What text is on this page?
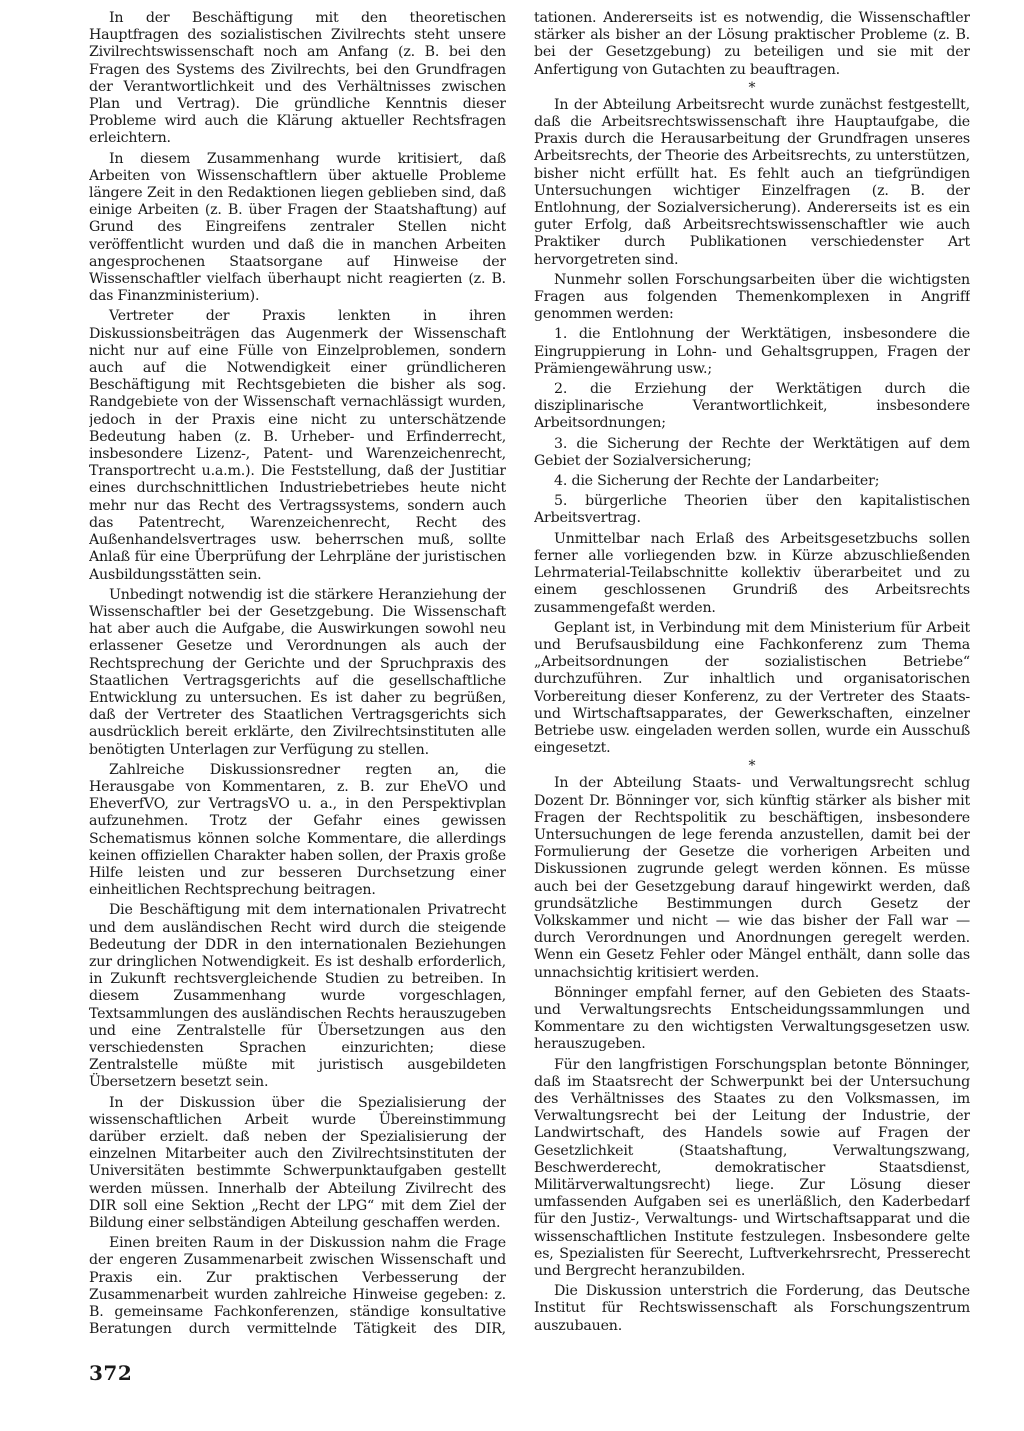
In der Beschäftigung mit den theoretischen Hauptfragen des sozialistischen Zivilrechts steht unsere Zivilrechtswissenschaft noch am Anfang (z. B. bei den Fragen des Systems des Zivilrechts, bei den Grundfragen der Verantwortlichkeit und des Verhältnisses zwischen Plan und Vertrag). Die gründliche Kenntnis dieser Probleme wird auch die Klärung aktueller Rechtsfragen erleichtern.

In diesem Zusammenhang wurde kritisiert, daß Arbeiten von Wissenschaftlern über aktuelle Probleme längere Zeit in den Redaktionen liegen geblieben sind, daß einige Arbeiten (z. B. über Fragen der Staatshaftung) auf Grund des Eingreifens zentraler Stellen nicht veröffentlicht wurden und daß die in manchen Arbeiten angesprochenen Staatsorgane auf Hinweise der Wissenschaftler vielfach überhaupt nicht reagierten (z. B. das Finanzministerium).

Vertreter der Praxis lenkten in ihren Diskussionsbeiträgen das Augenmerk der Wissenschaft nicht nur auf eine Fülle von Einzelproblemen, sondern auch auf die Notwendigkeit einer gründlicheren Beschäftigung mit Rechtsgebieten die bisher als sog. Randgebiete von der Wissenschaft vernachlässigt wurden, jedoch in der Praxis eine nicht zu unterschätzende Bedeutung haben (z. B. Urheber- und Erfinderrecht, insbesondere Lizenz-, Patent- und Warenzeichenrecht, Transportrecht u.a.m.). Die Feststellung, daß der Justitiar eines durchschnittlichen Industriebetriebes heute nicht mehr nur das Recht des Vertragssystems, sondern auch das Patentrecht, Warenzeichenrecht, Recht des Außenhandelsvertrages usw. beherrschen muß, sollte Anlaß für eine Überprüfung der Lehrpläne der juristischen Ausbildungsstätten sein.

Unbedingt notwendig ist die stärkere Heranziehung der Wissenschaftler bei der Gesetzgebung. Die Wissenschaft hat aber auch die Aufgabe, die Auswirkungen sowohl neu erlassener Gesetze und Verordnungen als auch der Rechtsprechung der Gerichte und der Spruchpraxis des Staatlichen Vertragsgerichts auf die gesellschaftliche Entwicklung zu untersuchen. Es ist daher zu begrüßen, daß der Vertreter des Staatlichen Vertragsgerichts sich ausdrücklich bereit erklärte, den Zivilrechtsinstituten alle benötigten Unterlagen zur Verfügung zu stellen.

Zahlreiche Diskussionsredner regten an, die Herausgabe von Kommentaren, z. B. zur EheVO und EheverfVO, zur VertragsVO u. a., in den Perspektivplan aufzunehmen. Trotz der Gefahr eines gewissen Schematismus können solche Kommentare, die allerdings keinen offiziellen Charakter haben sollen, der Praxis große Hilfe leisten und zur besseren Durchsetzung einer einheitlichen Rechtsprechung beitragen.

Die Beschäftigung mit dem internationalen Privatrecht und dem ausländischen Recht wird durch die steigende Bedeutung der DDR in den internationalen Beziehungen zur dringlichen Notwendigkeit. Es ist deshalb erforderlich, in Zukunft rechtsvergleichende Studien zu betreiben. In diesem Zusammenhang wurde vorgeschlagen, Textsammlungen des ausländischen Rechts herauszugeben und eine Zentralstelle für Übersetzungen aus den verschiedensten Sprachen einzurichten; diese Zentralstelle müßte mit juristisch ausgebildeten Übersetzern besetzt sein.

In der Diskussion über die Spezialisierung der wissenschaftlichen Arbeit wurde Übereinstimmung darüber erzielt. daß neben der Spezialisierung der einzelnen Mitarbeiter auch den Zivilrechtsinstituten der Universitäten bestimmte Schwerpunktaufgaben gestellt werden müssen. Innerhalb der Abteilung Zivilrecht des DIR soll eine Sektion „Recht der LPG“ mit dem Ziel der Bildung einer selbständigen Abteilung geschaffen werden.

Einen breiten Raum in der Diskussion nahm die Frage der engeren Zusammenarbeit zwischen Wissenschaft und Praxis ein. Zur praktischen Verbesserung der Zusammenarbeit wurden zahlreiche Hinweise gegeben: z. B. gemeinsame Fachkonferenzen, ständige konsultative Beratungen durch vermittelnde Tätigkeit des DIR,

tationen. Andererseits ist es notwendig, die Wissenschaftler stärker als bisher an der Lösung praktischer Probleme (z. B. bei der Gesetzgebung) zu beteiligen und sie mit der Anfertigung von Gutachten zu beauftragen.

*

In der Abteilung Arbeitsrecht wurde zunächst festgestellt, daß die Arbeitsrechtswissenschaft ihre Hauptaufgabe, die Praxis durch die Herausarbeitung der Grundfragen unseres Arbeitsrechts, der Theorie des Arbeitsrechts, zu unterstützen, bisher nicht erfüllt hat. Es fehlt auch an tiefgründigen Untersuchungen wichtiger Einzelfragen (z. B. der Entlohnung, der Sozialversicherung). Andererseits ist es ein guter Erfolg, daß Arbeitsrechtswissenschaftler wie auch Praktiker durch Publikationen verschiedenster Art hervorgetreten sind.

Nunmehr sollen Forschungsarbeiten über die wichtigsten Fragen aus folgenden Themenkomplexen in Angriff genommen werden:

1. die Entlohnung der Werktätigen, insbesondere die Eingruppierung in Lohn- und Gehaltsgruppen, Fragen der Prämiengewährung usw.;

2. die Erziehung der Werktätigen durch die disziplinarische Verantwortlichkeit, insbesondere Arbeitsordnungen;

3. die Sicherung der Rechte der Werktätigen auf dem Gebiet der Sozialversicherung;

4. die Sicherung der Rechte der Landarbeiter;

5. bürgerliche Theorien über den kapitalistischen Arbeitsvertrag.

Unmittelbar nach Erlaß des Arbeitsgesetzbuchs sollen ferner alle vorliegenden bzw. in Kürze abzuschließenden Lehrmaterial-Teilabschnitte kollektiv überarbeitet und zu einem geschlossenen Grundriß des Arbeitsrechts zusammengefaßt werden.

Geplant ist, in Verbindung mit dem Ministerium für Arbeit und Berufsausbildung eine Fachkonferenz zum Thema „Arbeitsordnungen der sozialistischen Betriebe“ durchzuführen. Zur inhaltlich und organisatorischen Vorbereitung dieser Konferenz, zu der Vertreter des Staats- und Wirtschaftsapparates, der Gewerkschaften, einzelner Betriebe usw. eingeladen werden sollen, wurde ein Ausschuß eingesetzt.

*

In der Abteilung Staats- und Verwaltungsrecht schlug Dozent Dr. Bönninger vor, sich künftig stärker als bisher mit Fragen der Rechtspolitik zu beschäftigen, insbesondere Untersuchungen de lege ferenda anzustellen, damit bei der Formulierung der Gesetze die vorherigen Arbeiten und Diskussionen zugrunde gelegt werden können. Es müsse auch bei der Gesetzgebung darauf hingewirkt werden, daß grundsätzliche Bestimmungen durch Gesetz der Volkskammer und nicht — wie das bisher der Fall war — durch Verordnungen und Anordnungen geregelt werden. Wenn ein Gesetz Fehler oder Mängel enthält, dann solle das unnachsichtig kritisiert werden.

Bönninger empfahl ferner, auf den Gebieten des Staats- und Verwaltungsrechts Entscheidungssammlungen und Kommentare zu den wichtigsten Verwaltungsgesetzen usw. herauszugeben.

Für den langfristigen Forschungsplan betonte Bönninger, daß im Staatsrecht der Schwerpunkt bei der Untersuchung des Verhältnisses des Staates zu den Volksmassen, im Verwaltungsrecht bei der Leitung der Industrie, der Landwirtschaft, des Handels sowie auf Fragen der Gesetzlichkeit (Staatshaftung, Verwaltungszwang, Beschwerderecht, demokratischer Staatsdienst, Militärverwaltungsrecht) liege. Zur Lösung dieser umfassenden Aufgaben sei es unerläßlich, den Kaderbedarf für den Justiz-, Verwaltungs- und Wirtschaftsapparat und die wissenschaftlichen Institute festzulegen. Insbesondere gelte es, Spezialisten für Seerecht, Luftverkehrsrecht, Presserecht und Bergrecht heranzubilden.

Die Diskussion unterstrich die Forderung, das Deutsche Institut für Rechtswissenschaft als Forschungszentrum auszubauen.

372
